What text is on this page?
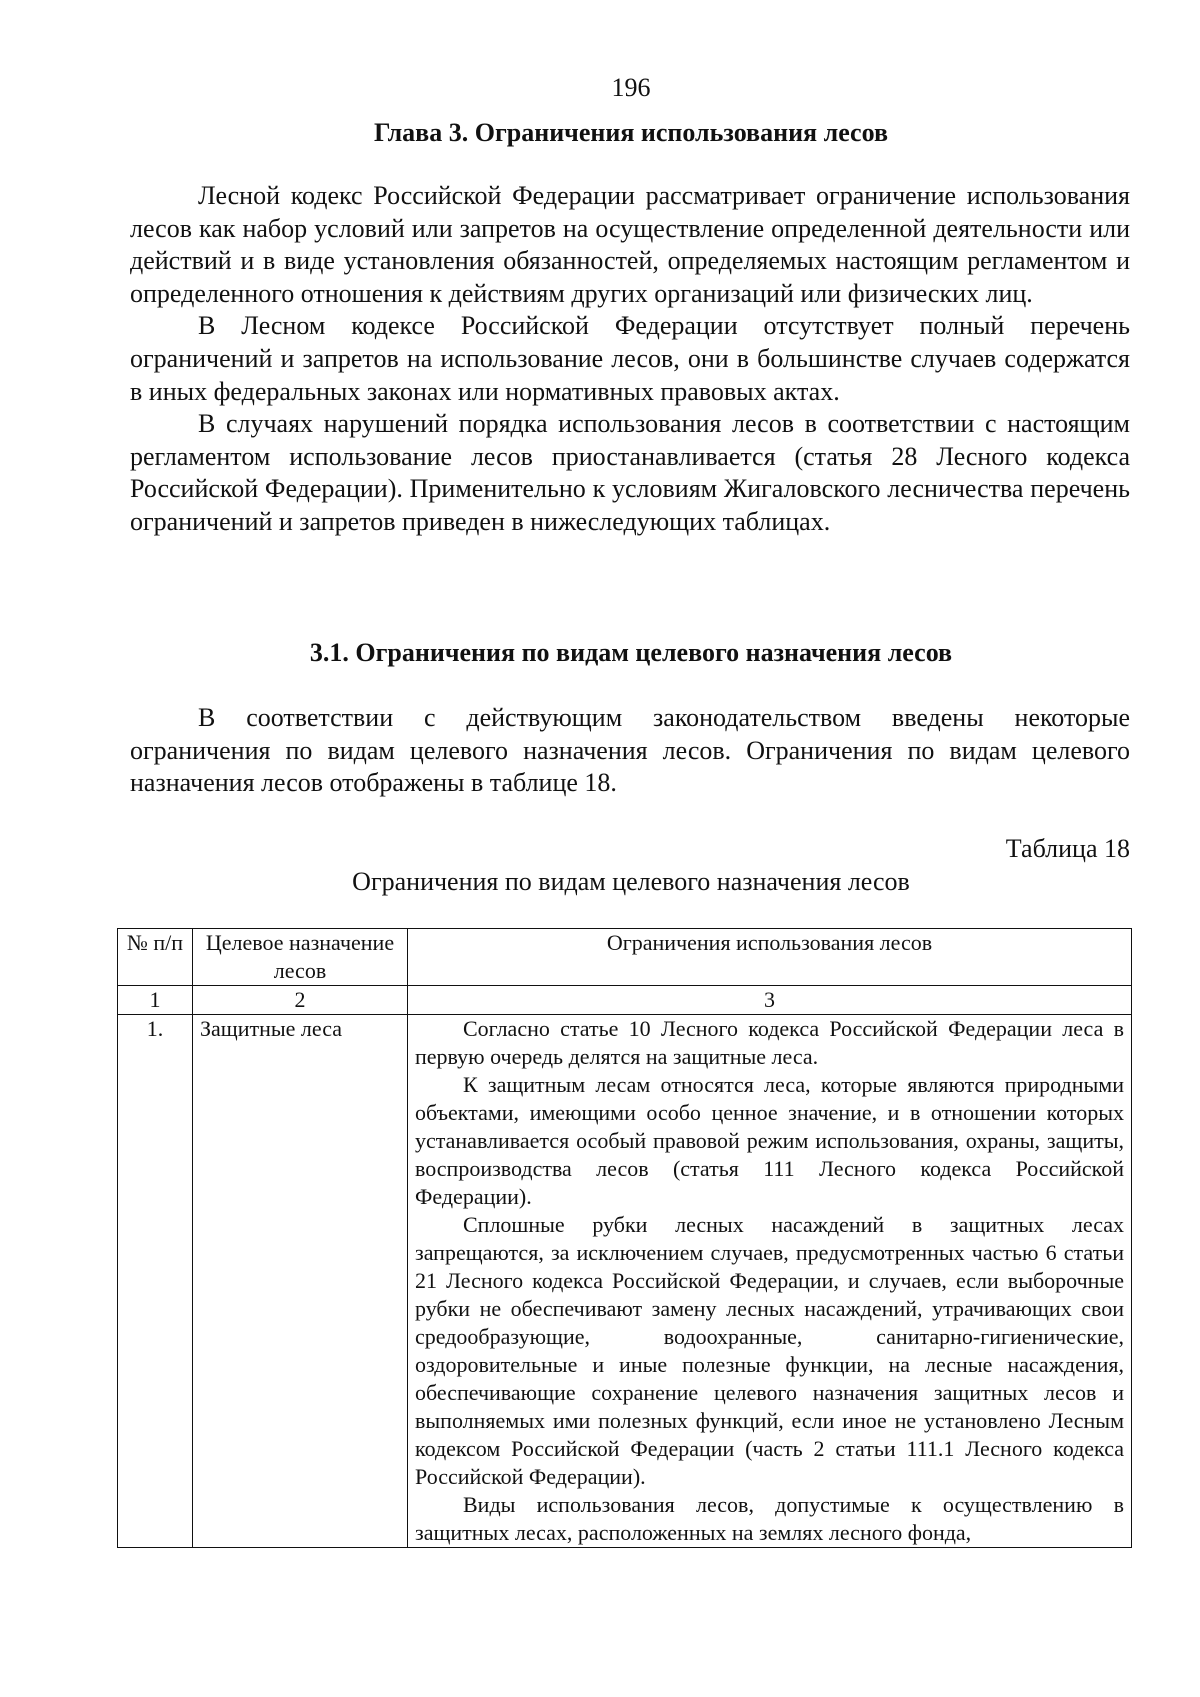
196
Глава 3. Ограничения использования лесов

Лесной кодекс Российской Федерации рассматривает ограничение использования лесов как набор условий или запретов на осуществление определенной деятельности или действий и в виде установления обязанностей, определяемых настоящим регламентом и определенного отношения к действиям других организаций или физических лиц.

В Лесном кодексе Российской Федерации отсутствует полный перечень ограничений и запретов на использование лесов, они в большинстве случаев содержатся в иных федеральных законах или нормативных правовых актах.

В случаях нарушений порядка использования лесов в соответствии с настоящим регламентом использование лесов приостанавливается (статья 28 Лесного кодекса Российской Федерации). Применительно к условиям Жигаловского лесничества перечень ограничений и запретов приведен в нижеследующих таблицах.

3.1. Ограничения по видам целевого назначения лесов

В соответствии с действующим законодательством введены некоторые ограничения по видам целевого назначения лесов. Ограничения по видам целевого назначения лесов отображены в таблице 18.

Таблица 18
Ограничения по видам целевого назначения лесов
№ п/п	Целевое назначение лесов	Ограничения использования лесов
1	2	3
1.	Защитные леса	Согласно статье 10 Лесного кодекса Российской Федерации леса в первую очередь делятся на защитные леса.

К защитным лесам относятся леса, которые являются природными объектами, имеющими особо ценное значение, и в отношении которых устанавливается особый правовой режим использования, охраны, защиты, воспроизводства лесов (статья 111 Лесного кодекса Российской Федерации).

Сплошные рубки лесных насаждений в защитных лесах запрещаются, за исключением случаев, предусмотренных частью 6 статьи 21 Лесного кодекса Российской Федерации, и случаев, если выборочные рубки не обеспечивают замену лесных насаждений, утрачивающих свои средообразующие, водоохранные, санитарно-гигиенические, оздоровительные и иные полезные функции, на лесные насаждения, обеспечивающие сохранение целевого назначения защитных лесов и выполняемых ими полезных функций, если иное не установлено Лесным кодексом Российской Федерации (часть 2 статьи 111.1 Лесного кодекса Российской Федерации).

Виды использования лесов, допустимые к осуществлению в защитных лесах, расположенных на землях лесного фонда,
